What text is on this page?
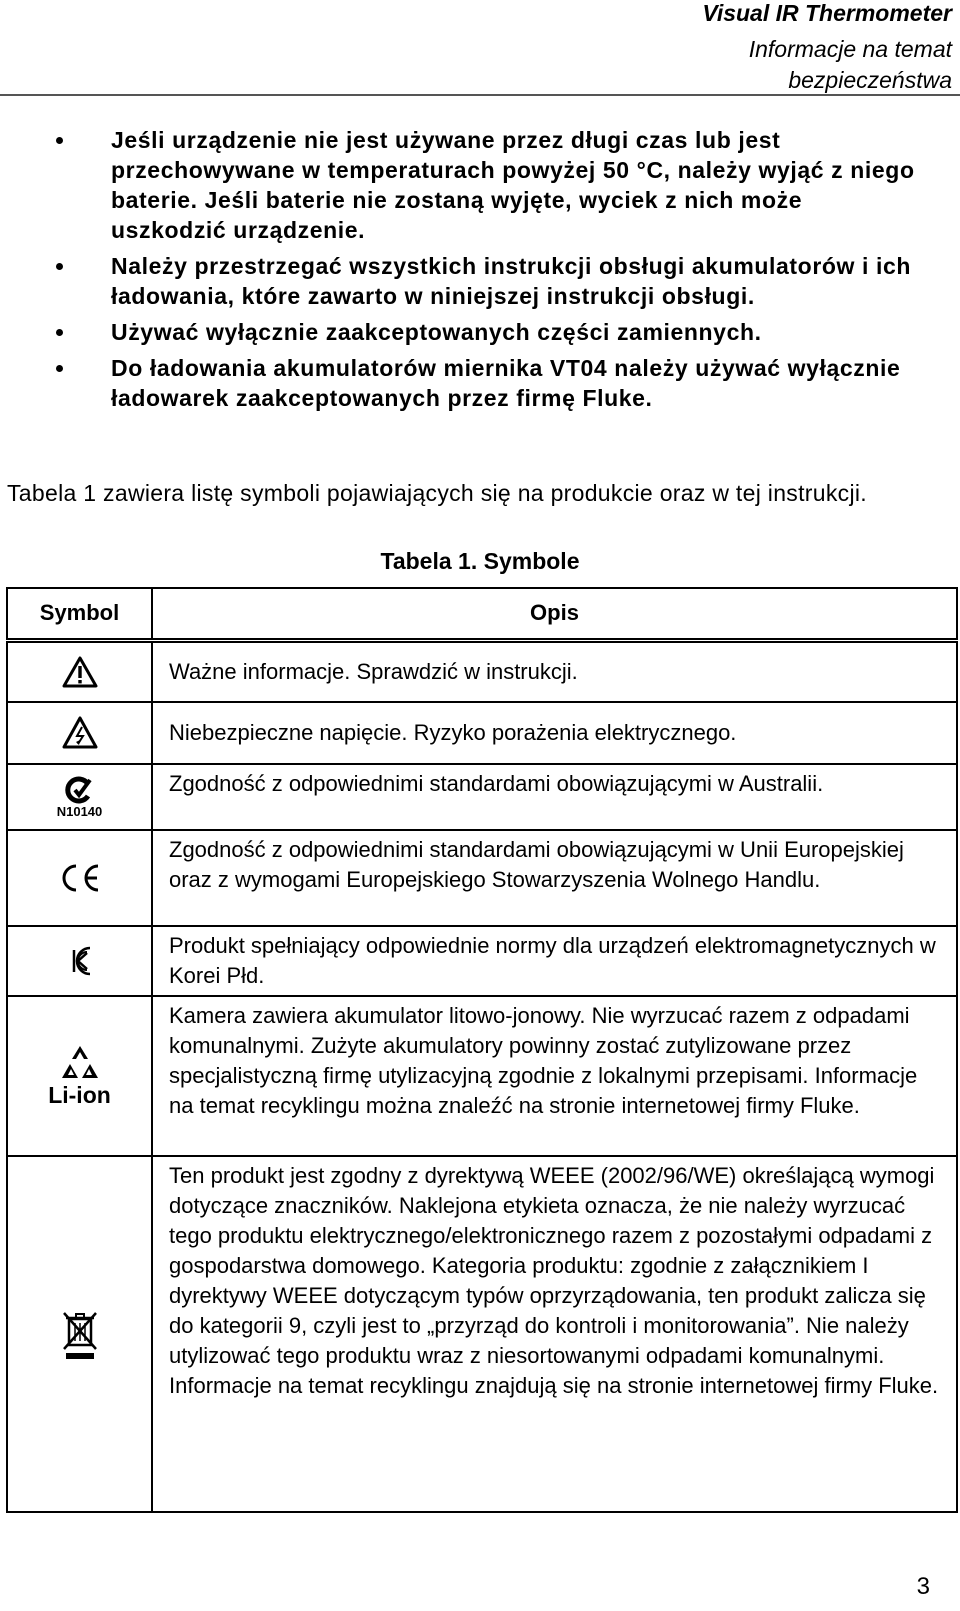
Visual IR Thermometer
Informacje na temat
bezpieczeństwa
Jeśli urządzenie nie jest używane przez długi czas lub jest przechowywane w temperaturach powyżej 50 °C, należy wyjąć z niego baterie. Jeśli baterie nie zostaną wyjęte, wyciek z nich może uszkodzić urządzenie.
Należy przestrzegać wszystkich instrukcji obsługi akumulatorów i ich ładowania, które zawarto w niniejszej instrukcji obsługi.
Używać wyłącznie zaakceptowanych części zamiennych.
Do ładowania akumulatorów miernika VT04 należy używać wyłącznie ładowarek zaakceptowanych przez firmę Fluke.

Tabela 1 zawiera listę symboli pojawiających się na produkcie oraz w tej instrukcji.

Tabela 1. Symbole
Symbol	Opis

	Ważne informacje. Sprawdzić w instrukcji.

	Niebezpieczne napięcie. Ryzyko porażenia elektrycznego.

N10140	Zgodność z odpowiednimi standardami obowiązującymi w Australii.

	Zgodność z odpowiednimi standardami obowiązującymi w Unii Europejskiej oraz z wymogami Europejskiego Stowarzyszenia Wolnego Handlu.

	Produkt spełniający odpowiednie normy dla urządzeń elektromagnetycznych w Korei Płd.

Li-ion	Kamera zawiera akumulator litowo-jonowy. Nie wyrzucać razem z odpadami komunalnymi. Zużyte akumulatory powinny zostać zutylizowane przez specjalistyczną firmę utylizacyjną zgodnie z lokalnymi przepisami. Informacje na temat recyklingu można znaleźć na stronie internetowej firmy Fluke.

	Ten produkt jest zgodny z dyrektywą WEEE (2002/96/WE) określającą wymogi dotyczące znaczników. Naklejona etykieta oznacza, że nie należy wyrzucać tego produktu elektrycznego/elektronicznego razem z pozostałymi odpadami z gospodarstwa domowego. Kategoria produktu: zgodnie z załącznikiem I dyrektywy WEEE dotyczącym typów oprzyrządowania, ten produkt zalicza się do kategorii 9, czyli jest to „przyrząd do kontroli i monitorowania”. Nie należy utylizować tego produktu wraz z niesortowanymi odpadami komunalnymi. Informacje na temat recyklingu znajdują się na stronie internetowej firmy Fluke.
3
